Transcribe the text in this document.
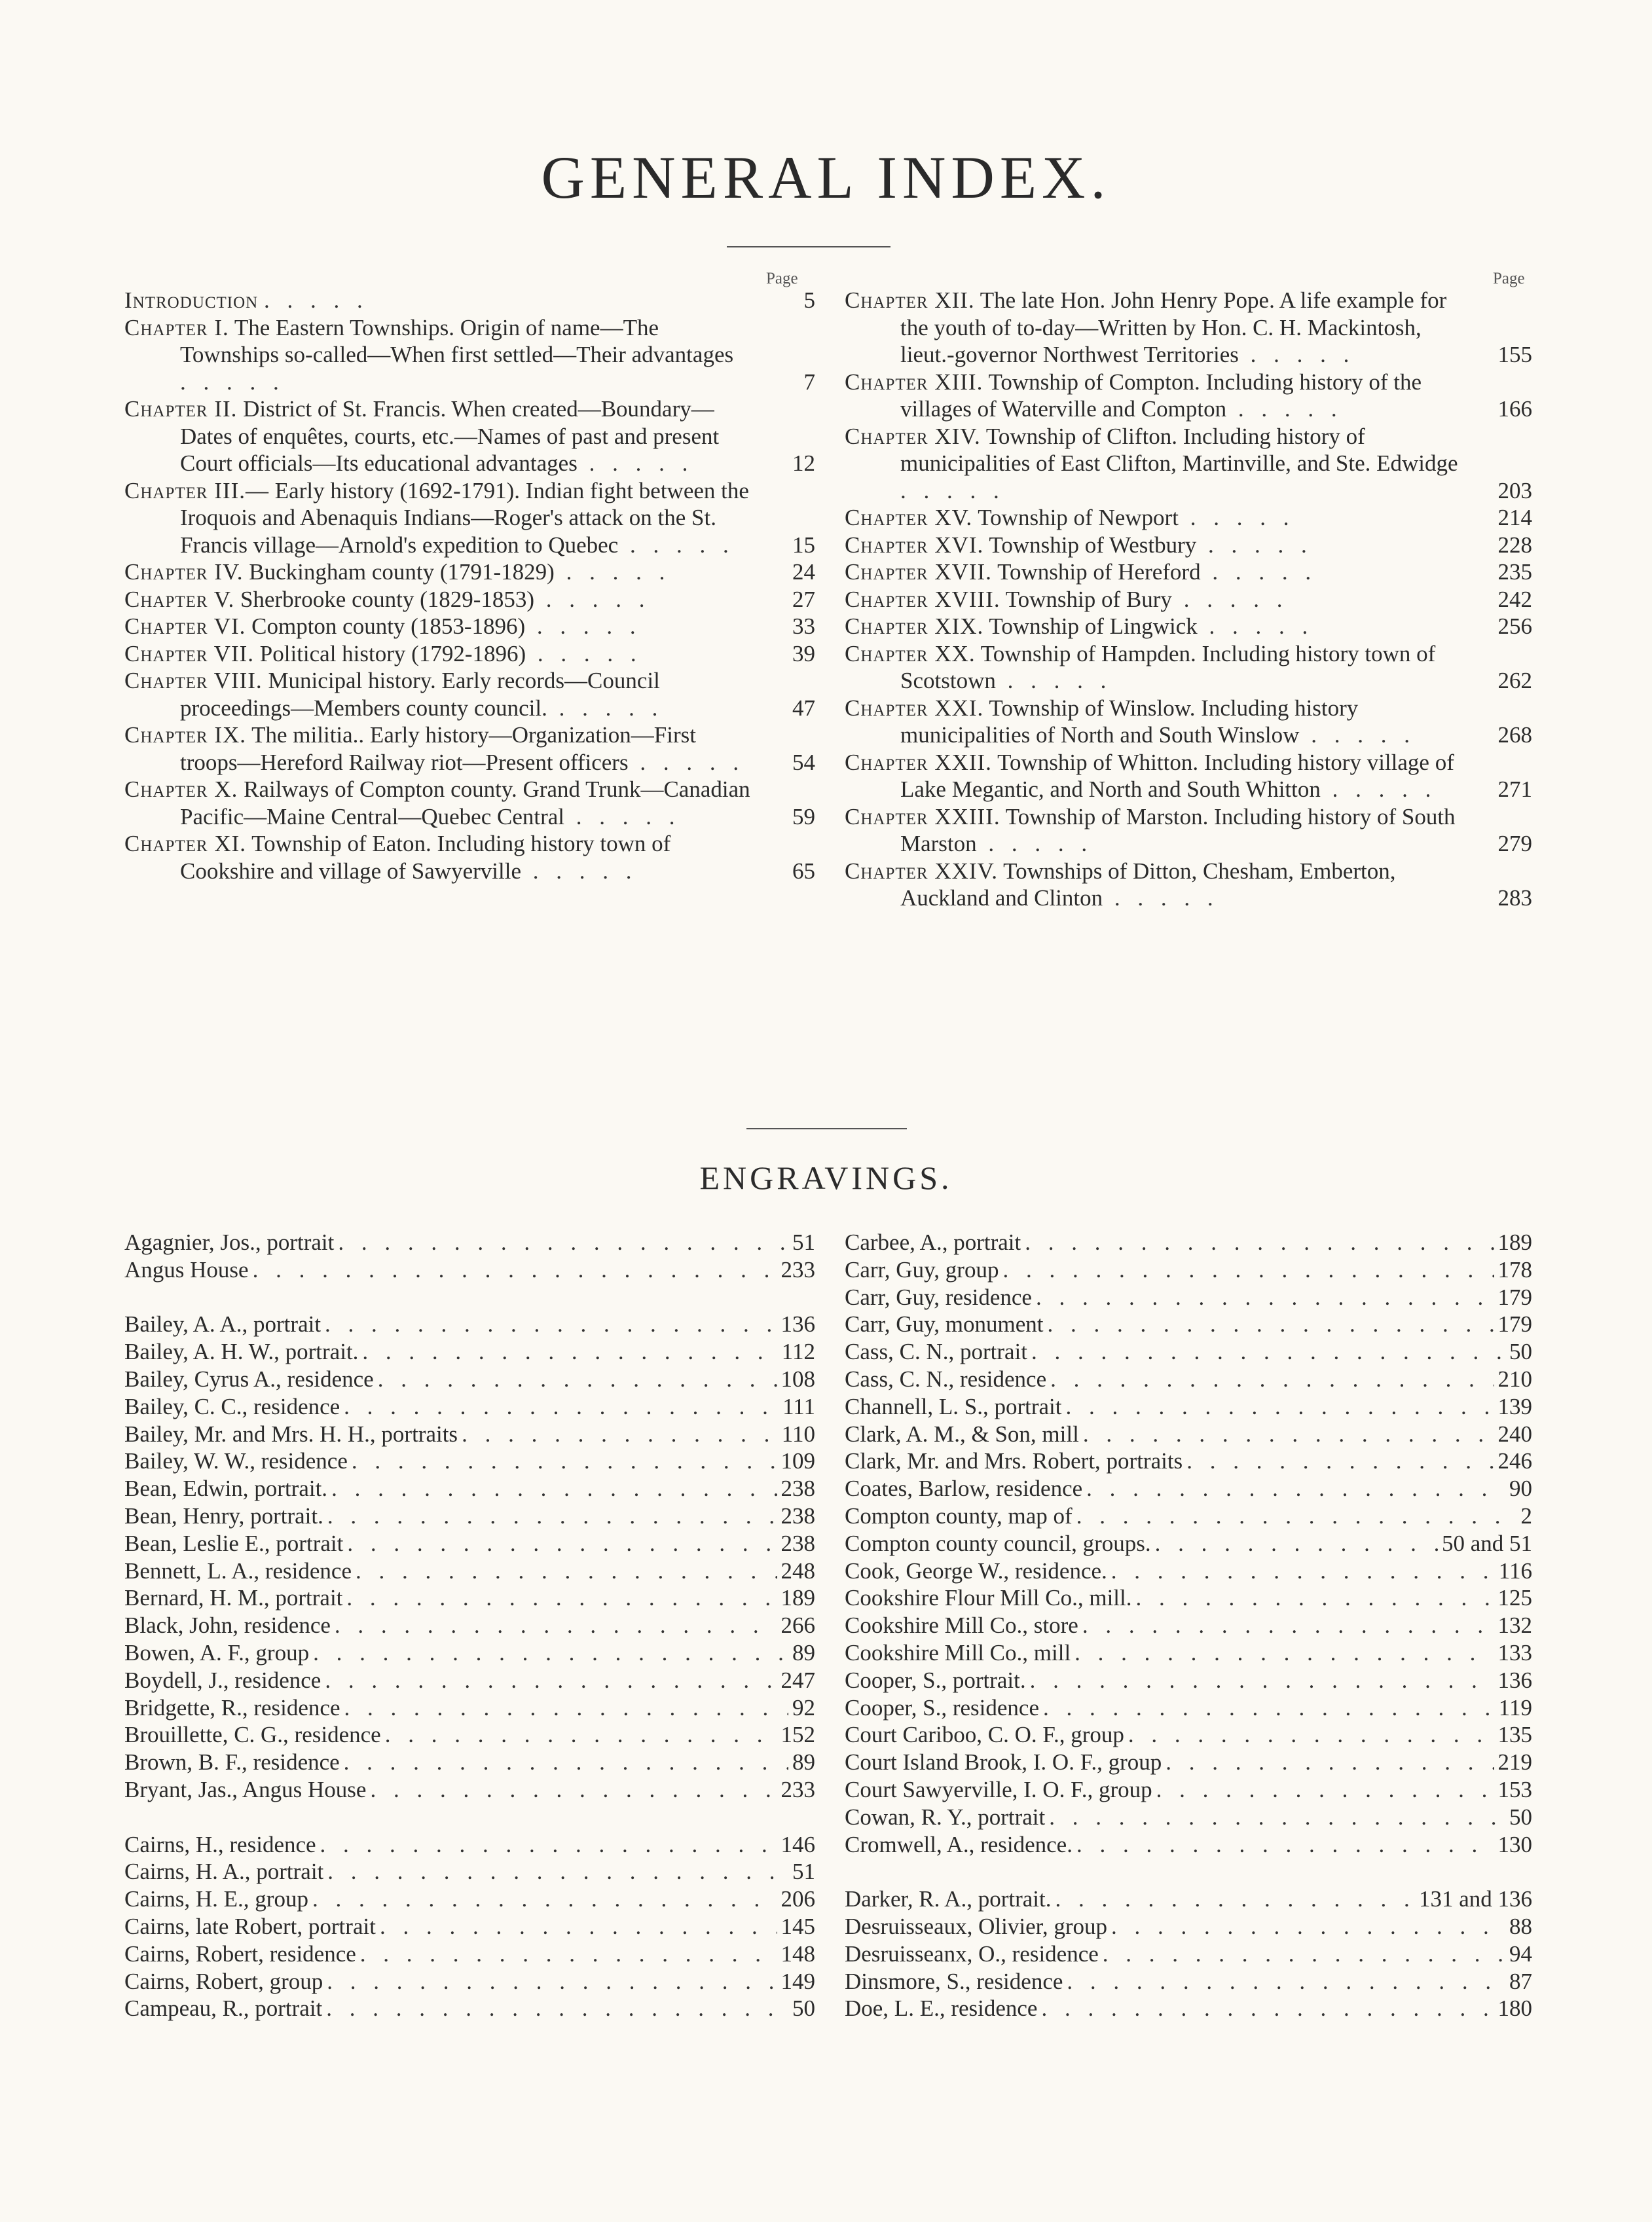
GENERAL INDEX.
Page	Page
Introduction . . . . .	5
Chapter I. The Eastern Townships. Origin of name—The Townships so-called—When first settled—Their advantages . . . . .	7
Chapter II. District of St. Francis. When created—Boundary—Dates of enquêtes, courts, etc.—Names of past and present Court officials—Its educational advantages . . . . .	12
Chapter III.— Early history (1692-1791). Indian fight between the Iroquois and Abenaquis Indians—Roger's attack on the St. Francis village—Arnold's expedition to Quebec . . . . .	15
Chapter IV. Buckingham county (1791-1829) . . . . .	24
Chapter V. Sherbrooke county (1829-1853) . . . . .	27
Chapter VI. Compton county (1853-1896) . . . . .	33
Chapter VII. Political history (1792-1896) . . . . .	39
Chapter VIII. Municipal history. Early records—Council proceedings—Members county council. . . . . .	47
Chapter IX. The militia.. Early history—Organization—First troops—Hereford Railway riot—Present officers . . . . .	54
Chapter X. Railways of Compton county. Grand Trunk—Canadian Pacific—Maine Central—Quebec Central . . . . .	59
Chapter XI. Township of Eaton. Including history town of Cookshire and village of Sawyerville . . . . .	65
Chapter XII. The late Hon. John Henry Pope. A life example for the youth of to-day—Written by Hon. C. H. Mackintosh, lieut.-governor Northwest Territories . . . . .	155
Chapter XIII. Township of Compton. Including history of the villages of Waterville and Compton . . . . .	166
Chapter XIV. Township of Clifton. Including history of municipalities of East Clifton, Martinville, and Ste. Edwidge . . . . .	203
Chapter XV. Township of Newport . . . . .	214
Chapter XVI. Township of Westbury . . . . .	228
Chapter XVII. Township of Hereford . . . . .	235
Chapter XVIII. Township of Bury . . . . .	242
Chapter XIX. Township of Lingwick . . . . .	256
Chapter XX. Township of Hampden. Including history town of Scotstown . . . . .	262
Chapter XXI. Township of Winslow. Including history municipalities of North and South Winslow . . . . .	268
Chapter XXII. Township of Whitton. Including history village of Lake Megantic, and North and South Whitton . . . . .	271
Chapter XXIII. Township of Marston. Including history of South Marston . . . . .	279
Chapter XXIV. Townships of Ditton, Chesham, Emberton, Auckland and Clinton . . . . .	283
ENGRAVINGS.
Agagnier, Jos., portrait . . .	51
Angus House . . .	233
Bailey, A. A., portrait . . .	136
Bailey, A. H. W., portrait. . . .	112
Bailey, Cyrus A., residence . . .	108
Bailey, C. C., residence . . .	111
Bailey, Mr. and Mrs. H. H., portraits . . .	110
Bailey, W. W., residence . . .	109
Bean, Edwin, portrait. . . .	238
Bean, Henry, portrait. . . .	238
Bean, Leslie E., portrait . . .	238
Bennett, L. A., residence . . .	248
Bernard, H. M., portrait . . .	189
Black, John, residence . . .	266
Bowen, A. F., group . . .	89
Boydell, J., residence . . .	247
Bridgette, R., residence . . .	92
Brouillette, C. G., residence . . .	152
Brown, B. F., residence . . .	89
Bryant, Jas., Angus House . . .	233
Cairns, H., residence . . .	146
Cairns, H. A., portrait . . .	51
Cairns, H. E., group . . .	206
Cairns, late Robert, portrait . . .	145
Cairns, Robert, residence . . .	148
Cairns, Robert, group . . .	149
Campeau, R., portrait . . .	50
Carbee, A., portrait . . .	189
Carr, Guy, group . . .	178
Carr, Guy, residence . . .	179
Carr, Guy, monument . . .	179
Cass, C. N., portrait . . .	50
Cass, C. N., residence . . .	210
Channell, L. S., portrait . . .	139
Clark, A. M., & Son, mill . . .	240
Clark, Mr. and Mrs. Robert, portraits . . .	246
Coates, Barlow, residence . . .	90
Compton county, map of . . .	2
Compton county council, groups. . . .	50 and 51
Cook, George W., residence. . . .	116
Cookshire Flour Mill Co., mill. . . .	125
Cookshire Mill Co., store . . .	132
Cookshire Mill Co., mill . . .	133
Cooper, S., portrait. . . .	136
Cooper, S., residence . . .	119
Court Cariboo, C. O. F., group . . .	135
Court Island Brook, I. O. F., group . . .	219
Court Sawyerville, I. O. F., group . . .	153
Cowan, R. Y., portrait . . .	50
Cromwell, A., residence. . . .	130
Darker, R. A., portrait. . . .	131 and 136
Desruisseaux, Olivier, group . . .	88
Desruisseanx, O., residence . . .	94
Dinsmore, S., residence . . .	87
Doe, L. E., residence . . .	180
